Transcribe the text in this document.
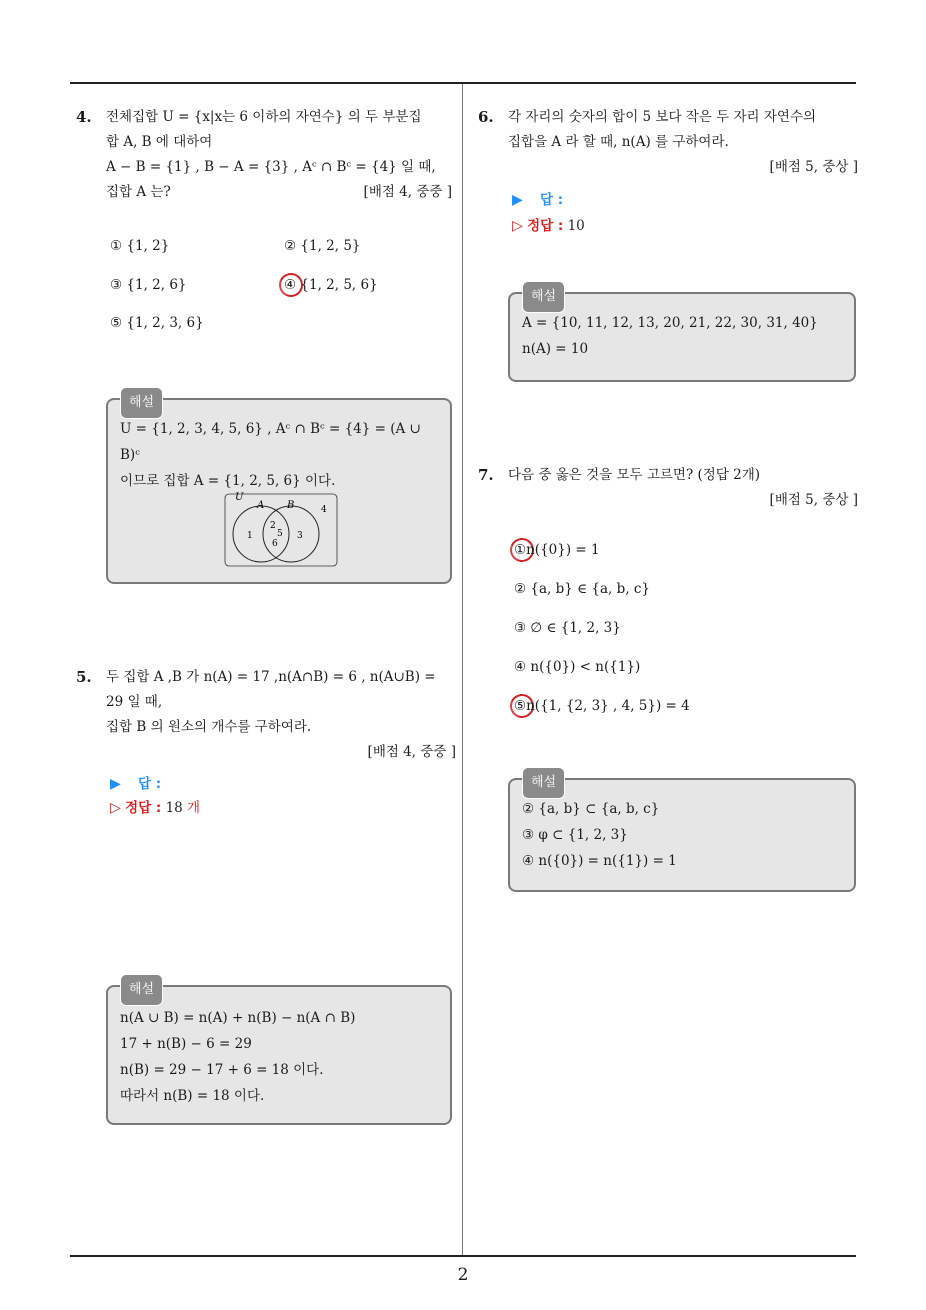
2
4. 전체집합 U = {x|x는 6 이하의 자연수} 의 두 부분집
합 A, B 에 대하여
A − B = {1} , B − A = {3} , Aᶜ ∩ Bᶜ = {4} 일 때,
집합 A 는?	[배점 4, 중중 ]
① {1, 2}	② {1, 2, 5}
③ {1, 2, 6}	④ {1, 2, 5, 6}
⑤ {1, 2, 3, 6}
해설
U = {1, 2, 3, 4, 5, 6} , Aᶜ ∩ Bᶜ = {4} = (A ∪ B)ᶜ
이므로 집합 A = {1, 2, 5, 6} 이다.
U
A B	4
1
2
5
6
3
5. 두 집합 A ,B 가 n(A) = 17 ,n(A∩B) = 6 , n(A∪B) =
29 일 때,
집합 B 의 원소의 개수를 구하여라.
[배점 4, 중중 ]
▶ 답 :
▷ 정답 : 18 개
해설
n(A ∪ B) = n(A) + n(B) − n(A ∩ B)
17 + n(B) − 6 = 29
n(B) = 29 − 17 + 6 = 18 이다.
따라서 n(B) = 18 이다.
6. 각 자리의 숫자의 합이 5 보다 작은 두 자리 자연수의
집합을 A 라 할 때, n(A) 를 구하여라.
[배점 5, 중상 ]
▶ 답 :
▷ 정답 : 10
해설
A = {10, 11, 12, 13, 20, 21, 22, 30, 31, 40}
n(A) = 10
7. 다음 중 옳은 것을 모두 고르면? (정답 2개)
[배점 5, 중상 ]
①n({0}) = 1
② {a, b} ∈ {a, b, c}
③ ∅ ∈ {1, 2, 3}
④ n({0}) < n({1})
⑤n({1, {2, 3} , 4, 5}) = 4
해설
② {a, b} ⊂ {a, b, c}
③ φ ⊂ {1, 2, 3}
④ n({0}) = n({1}) = 1
